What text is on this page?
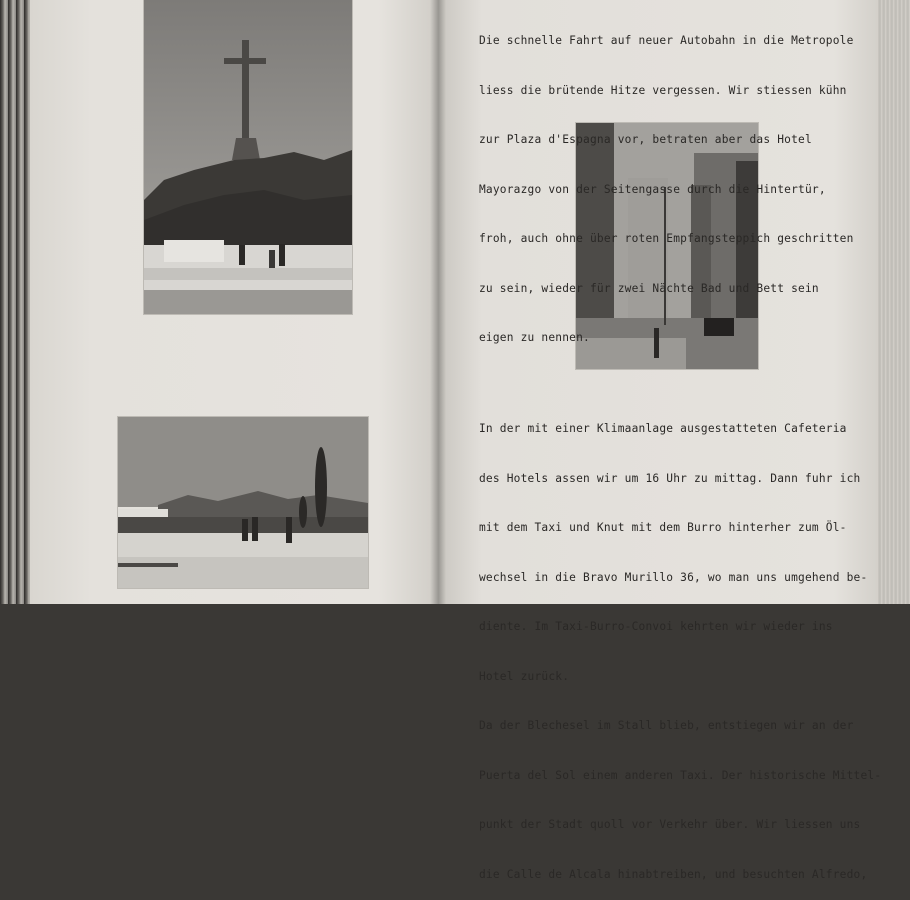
Die schnelle Fahrt auf neuer Autobahn in die Metropole

liess die brütende Hitze vergessen. Wir stiessen kühn

zur Plaza d'Espagna vor, betraten aber das Hotel

Mayorazgo von der Seitengasse durch die Hintertür,

froh, auch ohne über roten Empfangsteppich geschritten

zu sein, wieder für zwei Nächte Bad und Bett sein

eigen zu nennen.

In der mit einer Klimaanlage ausgestatteten Cafeteria

des Hotels assen wir um 16 Uhr zu mittag. Dann fuhr ich

mit dem Taxi und Knut mit dem Burro hinterher zum Öl-

wechsel in die Bravo Murillo 36, wo man uns umgehend be-

diente. Im Taxi-Burro-Convoi kehrten wir wieder ins

Hotel zurück.

Da der Blechesel im Stall blieb, entstiegen wir an der

Puerta del Sol einem anderen Taxi. Der historische Mittel-

punkt der Stadt quoll vor Verkehr über. Wir liessen uns

die Calle de Alcala hinabtreiben, und besuchten Alfredo,
